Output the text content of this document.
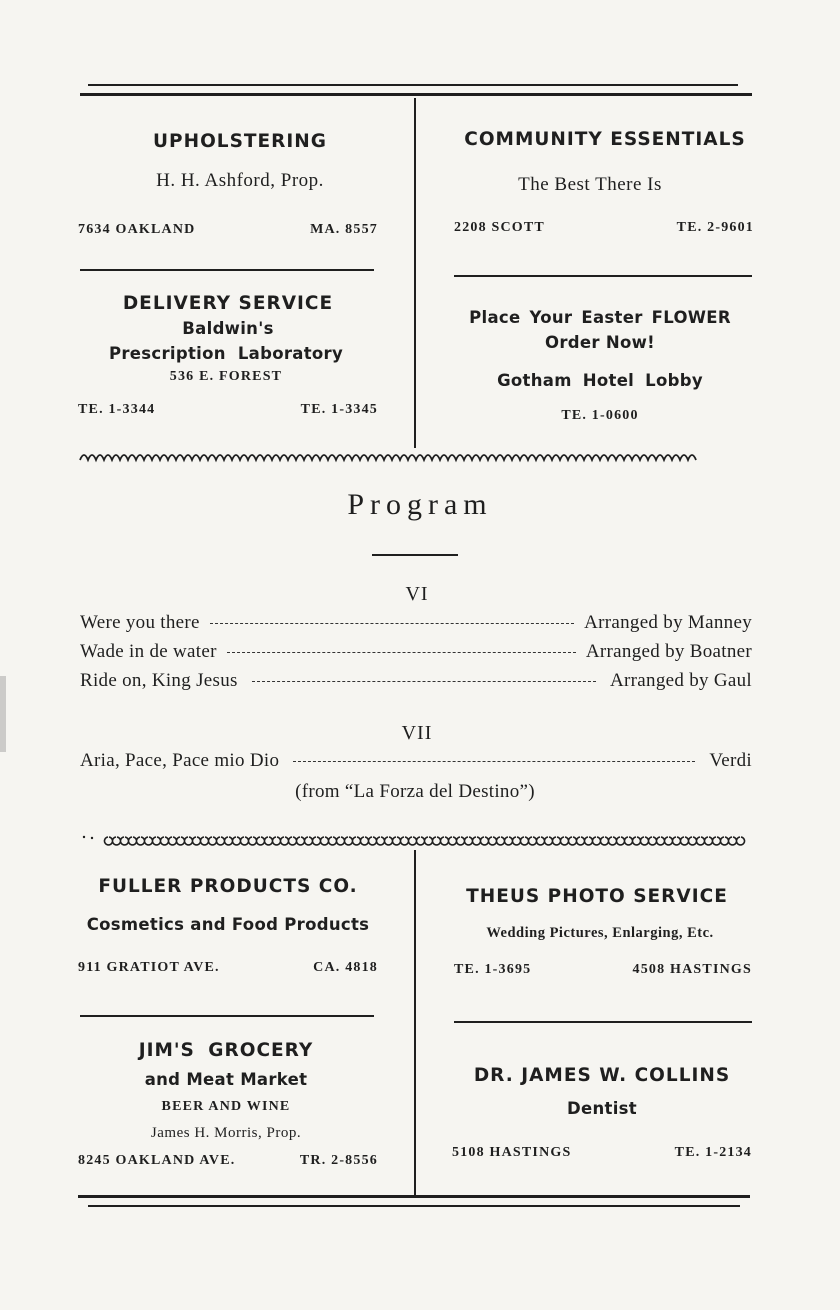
UPHOLSTERING
H. H. Ashford, Prop.
7634 OAKLAND	MA. 8557
COMMUNITY ESSENTIALS
The Best There Is
2208 SCOTT	TE. 2-9601
DELIVERY SERVICE
Baldwin's
Prescription Laboratory
536 E. FOREST
TE. 1-3344	TE. 1-3345
Place Your Easter FLOWER
Order Now!
Gotham Hotel Lobby
TE. 1-0600
Program
VI
Were you there	Arranged by Manney
Wade in de water	Arranged by Boatner
Ride on, King Jesus	Arranged by Gaul
VII
Aria, Pace, Pace mio Dio	Verdi
(from “La Forza del Destino”)
FULLER PRODUCTS CO.
Cosmetics and Food Products
911 GRATIOT AVE.	CA. 4818
THEUS PHOTO SERVICE
Wedding Pictures, Enlarging, Etc.
TE. 1-3695	4508 HASTINGS
JIM'S GROCERY
and Meat Market
BEER AND WINE
James H. Morris, Prop.
8245 OAKLAND AVE.	TR. 2-8556
DR. JAMES W. COLLINS
Dentist
5108 HASTINGS	TE. 1-2134
